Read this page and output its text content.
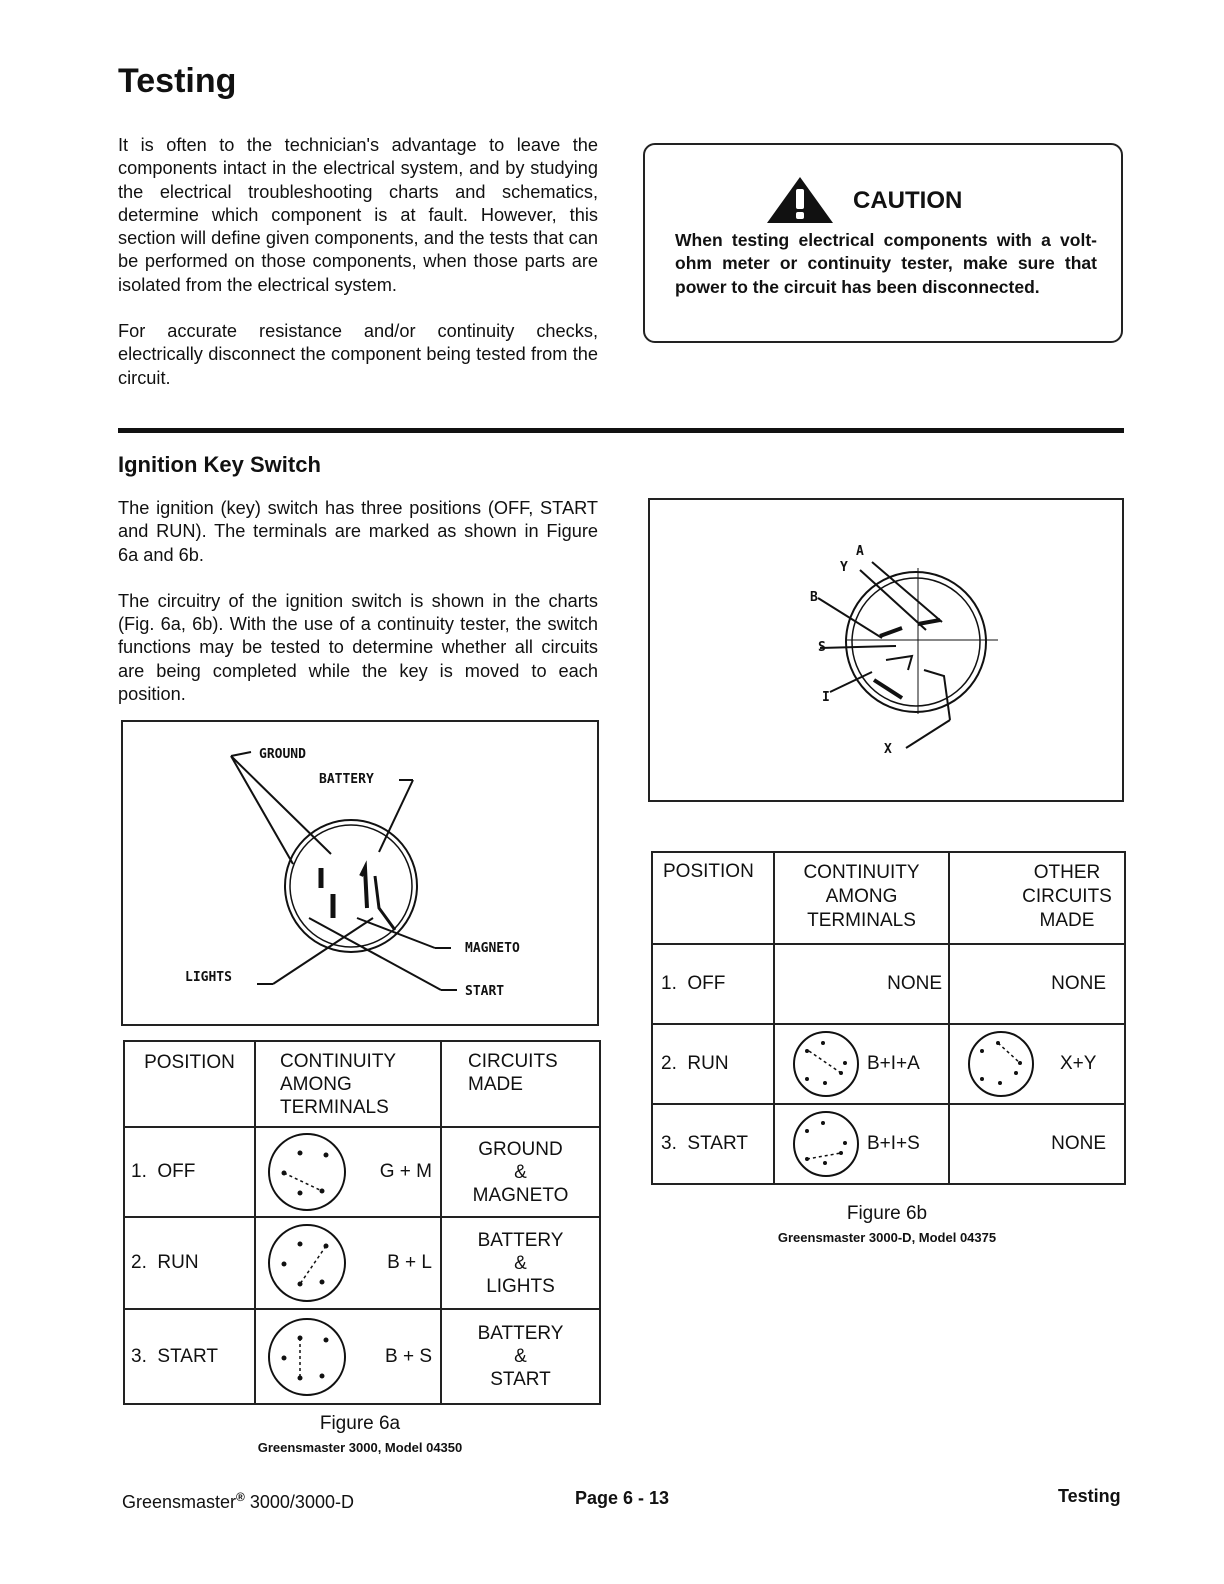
Testing

It is often to the technician's advantage to leave the components intact in the electrical system, and by studying the electrical troubleshooting charts and schematics, determine which component is at fault. However, this section will define given components, and the tests that can be performed on those components, when those parts are isolated from the electrical system.

For accurate resistance and/or continuity checks, electrically disconnect the component being tested from the circuit.

CAUTION
When testing electrical components with a volt-ohm meter or continuity tester, make sure that power to the circuit has been disconnected.
Ignition Key Switch

The ignition (key) switch has three positions (OFF, START and RUN). The terminals are marked as shown in Figure 6a and 6b.

The circuitry of the ignition switch is shown in the charts (Fig. 6a, 6b). With the use of a continuity tester, the switch functions may be tested to determine whether all circuits are being completed while the key is moved to each position.

GROUND
BATTERY
MAGNETO
LIGHTS
START
POSITION	CONTINUITY AMONG TERMINALS	CIRCUITS MADE

1.  OFF	G + M	GROUND
&
MAGNETO

2.  RUN	B + L	BATTERY
&
LIGHTS

3.  START	B + S	BATTERY
&
START
Figure 6a
Greensmaster 3000, Model 04350
A
Y
B
S
I
X
POSITION	CONTINUITY AMONG TERMINALS	OTHER CIRCUITS MADE
1.  OFF	NONE	NONE
2.  RUN	B+I+A	X+Y

3.  START	B+I+S	NONE
Figure 6b
Greensmaster 3000-D, Model 04375
Greensmaster® 3000/3000-D	Page 6 - 13	Testing
